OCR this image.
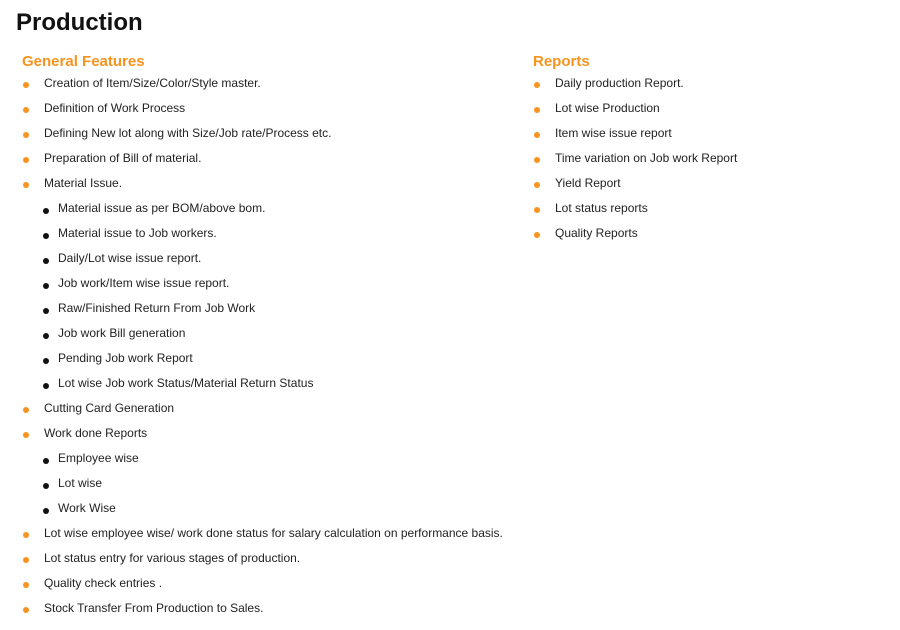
Production
General Features
Creation of Item/Size/Color/Style master.
Definition of Work Process
Defining New lot along with Size/Job rate/Process etc.
Preparation of Bill of material.
Material Issue.
Material issue as per BOM/above bom.
Material issue to Job workers.
Daily/Lot wise issue report.
Job work/Item wise issue report.
Raw/Finished Return From Job Work
Job work Bill generation
Pending Job work Report
Lot wise Job work Status/Material Return Status
Cutting Card Generation
Work done Reports
Employee wise
Lot wise
Work Wise
Lot wise employee wise/ work done status for salary calculation on performance basis.
Lot status entry for various stages of production.
Quality check entries .
Stock Transfer From Production to Sales.
Reports
Daily production Report.
Lot wise Production
Item wise issue report
Time variation on Job work Report
Yield Report
Lot status reports
Quality Reports
